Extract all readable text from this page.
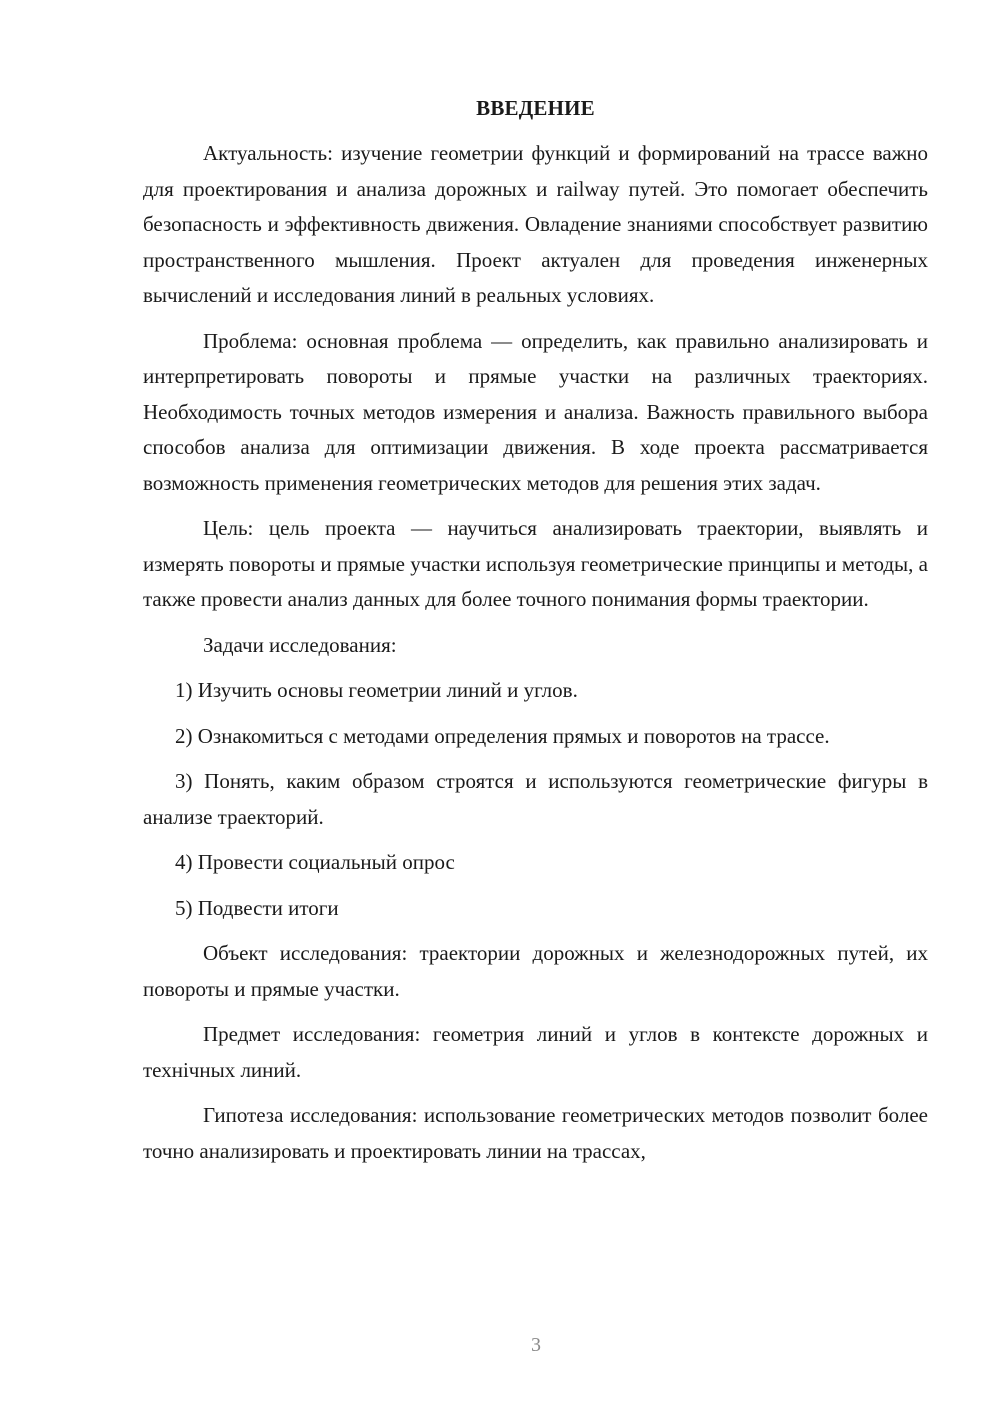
ВВЕДЕНИЕ

Актуальность: изучение геометрии функций и формирований на трассе важно для проектирования и анализа дорожных и railway путей. Это помогает обеспечить безопасность и эффективность движения. Овладение знаниями способствует развитию пространственного мышления. Проект актуален для проведения инженерных вычислений и исследования линий в реальных условиях.

Проблема: основная проблема — определить, как правильно анализировать и интерпретировать повороты и прямые участки на различных траекториях. Необходимость точных методов измерения и анализа. Важность правильного выбора способов анализа для оптимизации движения. В ходе проекта рассматривается возможность применения геометрических методов для решения этих задач.

Цель: цель проекта — научиться анализировать траектории, выявлять и измерять повороты и прямые участки используя геометрические принципы и методы, а также провести анализ данных для более точного понимания формы траектории.

Задачи исследования:

1) Изучить основы геометрии линий и углов.

2) Ознакомиться с методами определения прямых и поворотов на трассе.

3) Понять, каким образом строятся и используются геометрические фигуры в анализе траекторий.

4) Провести социальный опрос

5) Подвести итоги

Объект исследования: траектории дорожных и железнодорожных путей, их повороты и прямые участки.

Предмет исследования: геометрия линий и углов в контексте дорожных и технічных линий.

Гипотеза исследования: использование геометрических методов позволит более точно анализировать и проектировать линии на трассах,

3
